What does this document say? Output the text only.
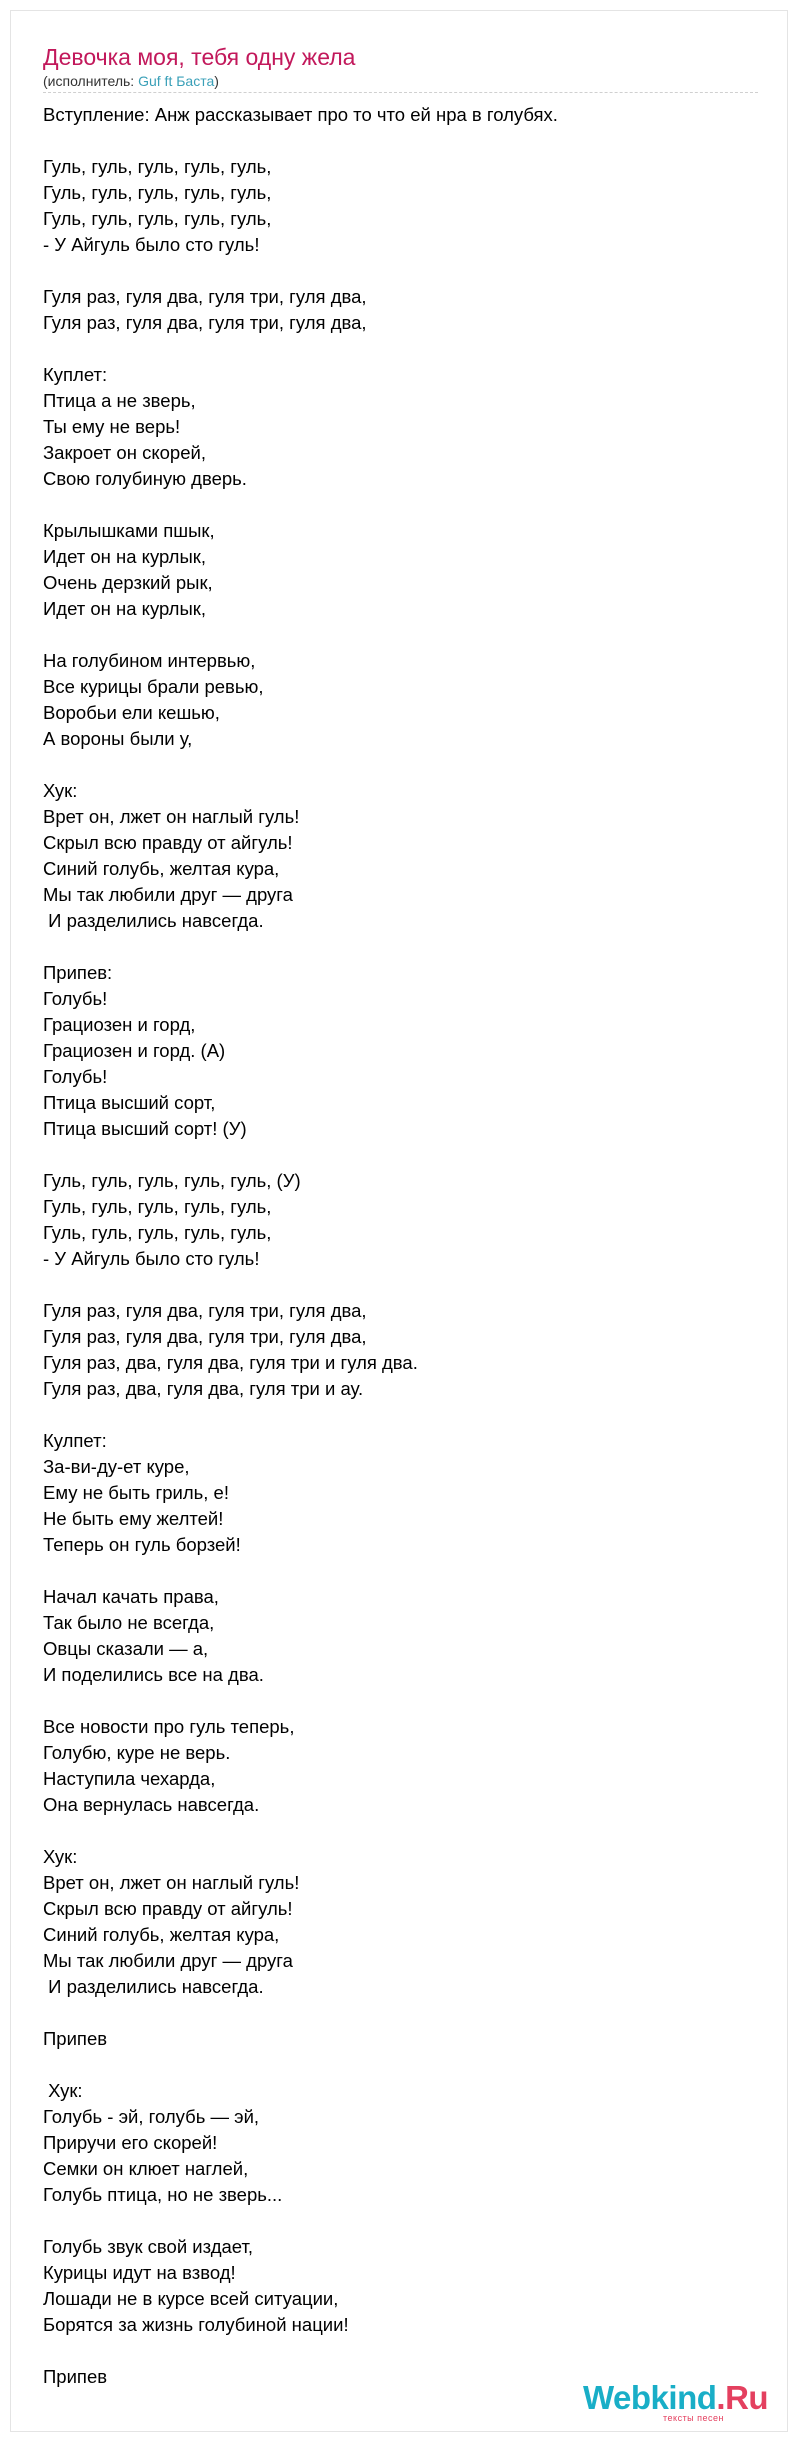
Девочка моя, тебя одну жела
(исполнитель: Guf ft Баста)
Вступление: Анж рассказывает про то что ей нра в голубях.
Гуль, гуль, гуль, гуль, гуль,
Гуль, гуль, гуль, гуль, гуль,
Гуль, гуль, гуль, гуль, гуль,
- У Айгуль было сто гуль!
Гуля раз, гуля два, гуля три, гуля два,
Гуля раз, гуля два, гуля три, гуля два,
Куплет:
Птица а не зверь,
Ты ему не верь!
Закроет он скорей,
Свою голубиную дверь.
Крылышками пшык,
Идет он на курлык,
Очень дерзкий рык,
Идет он на курлык,
На голубином интервью,
Все курицы брали ревью,
Воробьи ели кешью,
А вороны были у,
Хук:
Врет он, лжет он наглый гуль!
Скрыл всю правду от айгуль!
Синий голубь, желтая кура,
Мы так любили друг — друга
И разделились навсегда.
Припев:
Голубь!
Грациозен и горд,
Грациозен и горд. (А)
Голубь!
Птица высший сорт,
Птица высший сорт! (У)
Гуль, гуль, гуль, гуль, гуль, (У)
Гуль, гуль, гуль, гуль, гуль,
Гуль, гуль, гуль, гуль, гуль,
- У Айгуль было сто гуль!
Гуля раз, гуля два, гуля три, гуля два,
Гуля раз, гуля два, гуля три, гуля два,
Гуля раз, два, гуля два, гуля три и гуля два.
Гуля раз, два, гуля два, гуля три и ау.
Кулпет:
За-ви-ду-ет куре,
Ему не быть гриль, е!
Не быть ему желтей!
Теперь он гуль борзей!
Начал качать права,
Так было не всегда,
Овцы сказали — а,
И поделились все на два.
Все новости про гуль теперь,
Голубю, куре не верь.
Наступила чехарда,
Она вернулась навсегда.
Хук:
Врет он, лжет он наглый гуль!
Скрыл всю правду от айгуль!
Синий голубь, желтая кура,
Мы так любили друг — друга
И разделились навсегда.
Припев
Хук:
Голубь - эй, голубь — эй,
Приручи его скорей!
Семки он клюет наглей,
Голубь птица, но не зверь...
Голубь звук свой издает,
Курицы идут на взвод!
Лошади не в курсе всей ситуации,
Борятся за жизнь голубиной нации!
Припев
Webkind.Ru
тексты песен
